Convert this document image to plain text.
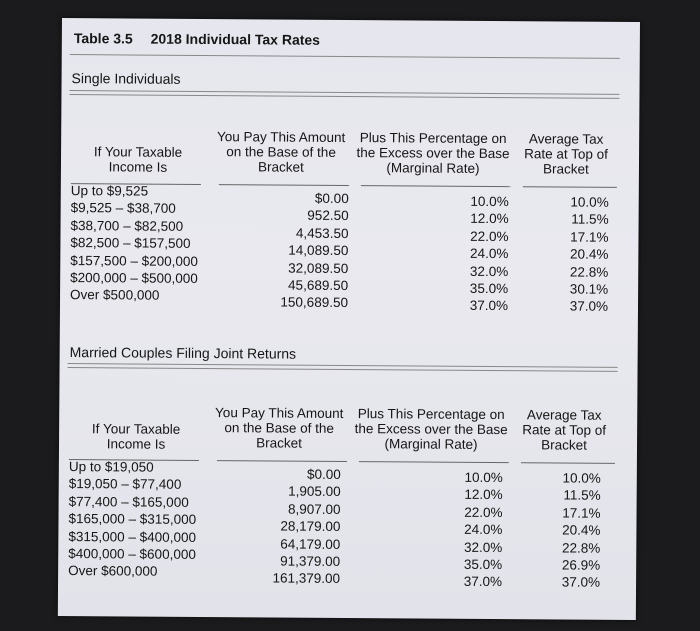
Table 3.5 2018 Individual Tax Rates
Single Individuals
If Your Taxable Income Is
You Pay This Amount on the Base of the Bracket
Plus This Percentage on the Excess over the Base (Marginal Rate)
Average Tax Rate at Top of Bracket
Up to $9,525
$9,525 – $38,700
$38,700 – $82,500
$82,500 – $157,500
$157,500 – $200,000
$200,000 – $500,000
Over $500,000
$0.00
952.50
4,453.50
14,089.50
32,089.50
45,689.50
150,689.50
10.0%
12.0%
22.0%
24.0%
32.0%
35.0%
37.0%
10.0%
11.5%
17.1%
20.4%
22.8%
30.1%
37.0%
Married Couples Filing Joint Returns
If Your Taxable Income Is
You Pay This Amount on the Base of the Bracket
Plus This Percentage on the Excess over the Base (Marginal Rate)
Average Tax Rate at Top of Bracket
Up to $19,050
$19,050 – $77,400
$77,400 – $165,000
$165,000 – $315,000
$315,000 – $400,000
$400,000 – $600,000
Over $600,000
$0.00
1,905.00
8,907.00
28,179.00
64,179.00
91,379.00
161,379.00
10.0%
12.0%
22.0%
24.0%
32.0%
35.0%
37.0%
10.0%
11.5%
17.1%
20.4%
22.8%
26.9%
37.0%
